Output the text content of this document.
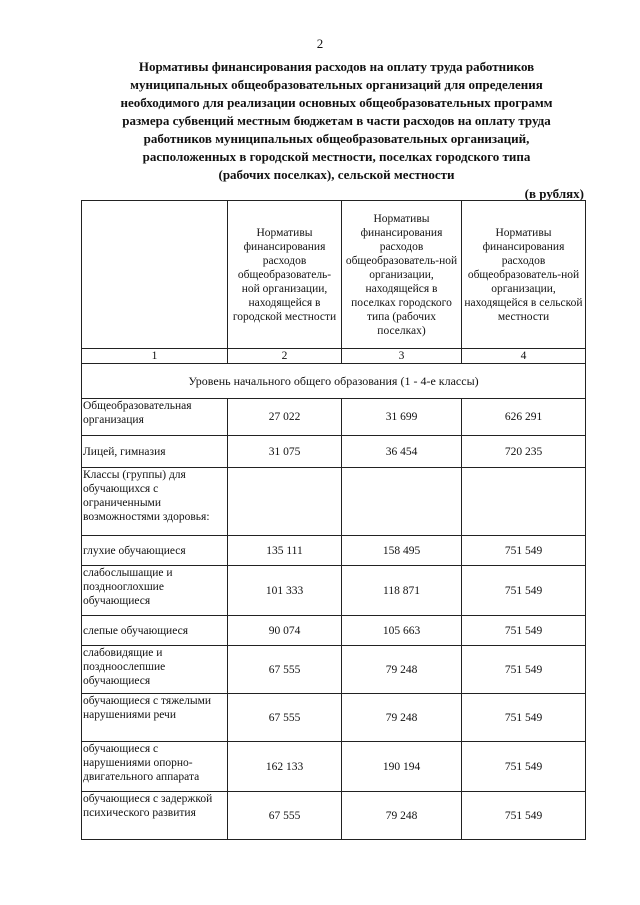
2
Нормативы финансирования расходов на оплату труда работников
муниципальных общеобразовательных организаций для определения
необходимого для реализации основных общеобразовательных программ
размера субвенций местным бюджетам в части расходов на оплату труда
работников муниципальных общеобразовательных организаций,
расположенных в городской местности, поселках городского типа
(рабочих поселках), сельской местности
(в рублях)
	Нормативы финансирования расходов общеобразователь-ной организации, находящейся в городской местности	Нормативы финансирования расходов общеобразователь-ной организации, находящейся в поселках городского типа (рабочих поселках)	Нормативы финансирования расходов общеобразователь-ной организации, находящейся в сельской местности
1	2	3	4
Уровень начального общего образования (1 - 4-е классы)			
Общеобразовательная организация	27 022	31 699	626 291
Лицей, гимназия	31 075	36 454	720 235
Классы (группы) для обучающихся с ограниченными возможностями здоровья:			
глухие обучающиеся	135 111	158 495	751 549
слабослышащие и позднооглохшие обучающиеся	101 333	118 871	751 549
слепые обучающиеся	90 074	105 663	751 549
слабовидящие и поздноослепшие обучающиеся	67 555	79 248	751 549
обучающиеся с тяжелыми нарушениями речи	67 555	79 248	751 549
обучающиеся с нарушениями опорно-двигательного аппарата	162 133	190 194	751 549
обучающиеся с задержкой психического развития	67 555	79 248	751 549
